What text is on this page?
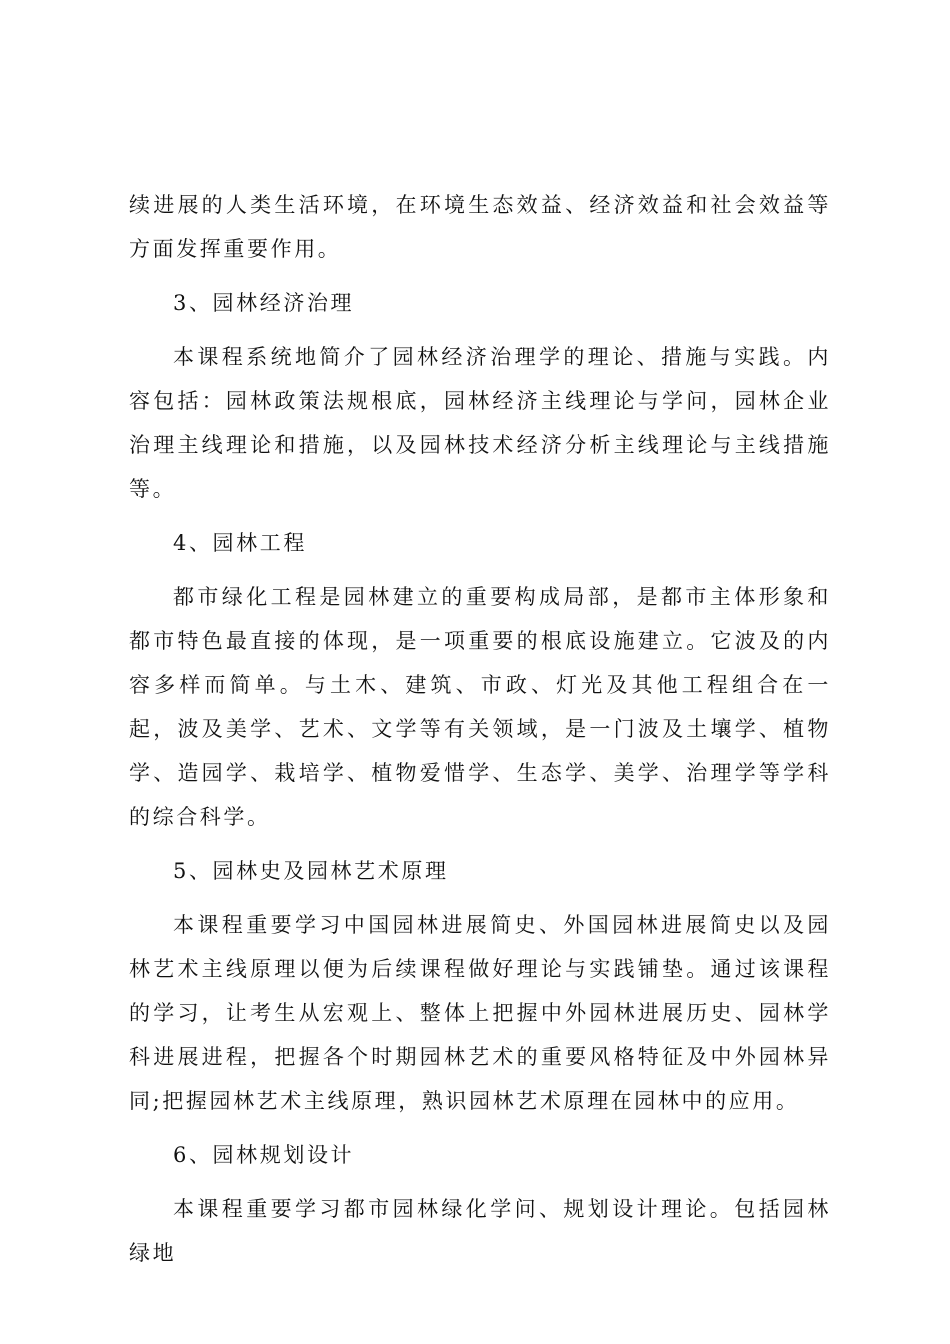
续进展的人类生活环境，在环境生态效益、经济效益和社会效益等方面发挥重要作用。

3、园林经济治理

本课程系统地简介了园林经济治理学的理论、措施与实践。内容包括：园林政策法规根底，园林经济主线理论与学问，园林企业治理主线理论和措施，以及园林技术经济分析主线理论与主线措施等。

4、园林工程

都市绿化工程是园林建立的重要构成局部，是都市主体形象和都市特色最直接的体现，是一项重要的根底设施建立。它波及的内容多样而简单。与土木、建筑、市政、灯光及其他工程组合在一起，波及美学、艺术、文学等有关领域，是一门波及土壤学、植物学、造园学、栽培学、植物爱惜学、生态学、美学、治理学等学科的综合科学。

5、园林史及园林艺术原理

本课程重要学习中国园林进展简史、外国园林进展简史以及园林艺术主线原理以便为后续课程做好理论与实践铺垫。通过该课程的学习，让考生从宏观上、整体上把握中外园林进展历史、园林学科进展进程，把握各个时期园林艺术的重要风格特征及中外园林异同;把握园林艺术主线原理，熟识园林艺术原理在园林中的应用。

6、园林规划设计

本课程重要学习都市园林绿化学问、规划设计理论。包括园林绿地
